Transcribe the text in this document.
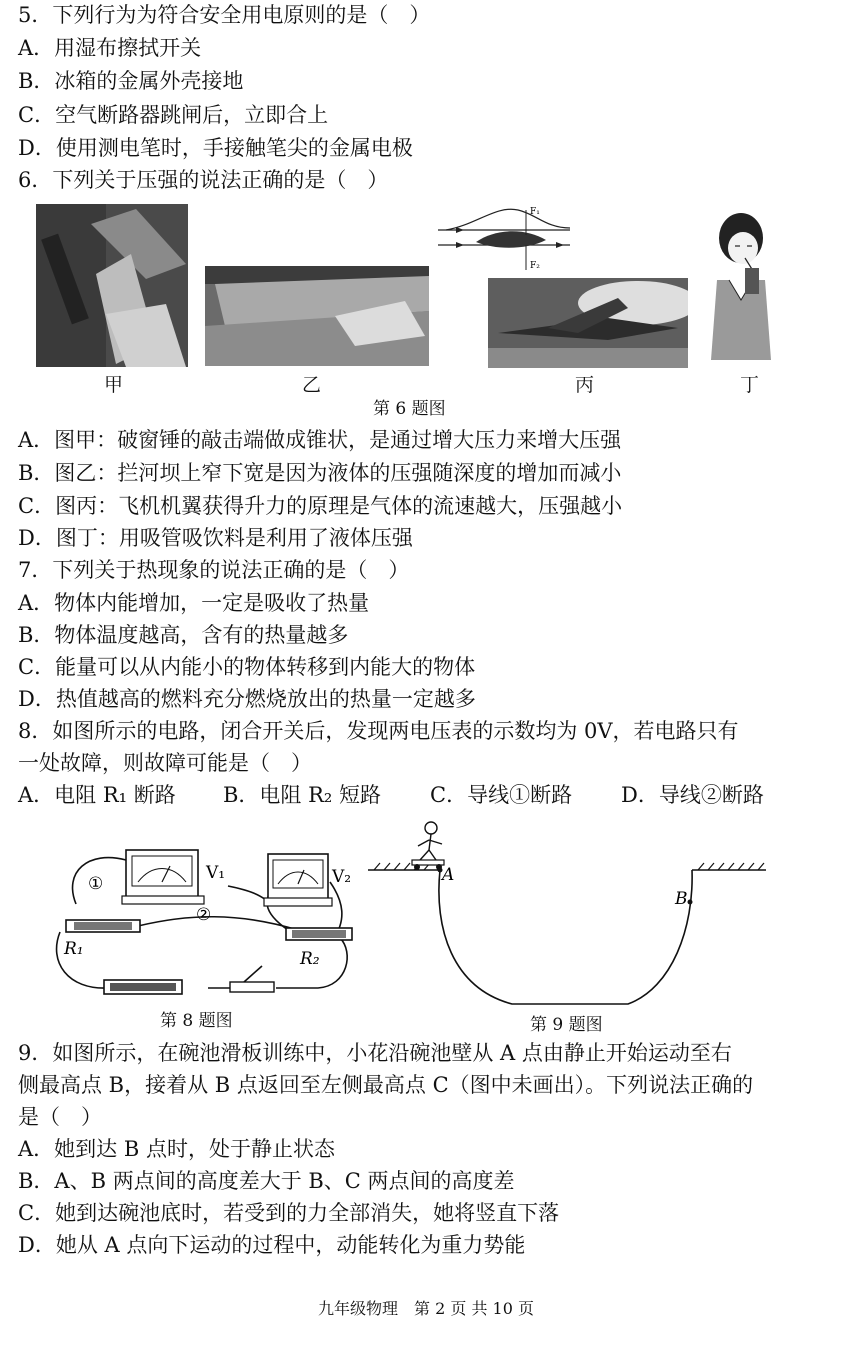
5．下列行为为符合安全用电原则的是（　）
A．用湿布擦拭开关
B．冰箱的金属外壳接地
C．空气断路器跳闸后，立即合上
D．使用测电笔时，手接触笔尖的金属电极
6．下列关于压强的说法正确的是（　）
F₁
F₂
甲	乙	丙	丁
第 6 题图
A．图甲：破窗锤的敲击端做成锥状，是通过增大压力来增大压强
B．图乙：拦河坝上窄下宽是因为液体的压强随深度的增加而减小
C．图丙：飞机机翼获得升力的原理是气体的流速越大，压强越小
D．图丁：用吸管吸饮料是利用了液体压强
7．下列关于热现象的说法正确的是（　）
A．物体内能增加，一定是吸收了热量
B．物体温度越高，含有的热量越多
C．能量可以从内能小的物体转移到内能大的物体
D．热值越高的燃料充分燃烧放出的热量一定越多
8．如图所示的电路，闭合开关后，发现两电压表的示数均为 0V，若电路只有
一处故障，则故障可能是（　）
A．电阻 R₁ 断路 B．电阻 R₂ 短路 C．导线①断路 D．导线②断路
①
②
V₁	V₂
R₁	R₂
第 8 题图
A
B
第 9 题图
9．如图所示，在碗池滑板训练中，小花沿碗池壁从 A 点由静止开始运动至右
侧最高点 B，接着从 B 点返回至左侧最高点 C（图中未画出）。下列说法正确的
是（　）
A．她到达 B 点时，处于静止状态
B．A、B 两点间的高度差大于 B、C 两点间的高度差
C．她到达碗池底时，若受到的力全部消失，她将竖直下落
D．她从 A 点向下运动的过程中，动能转化为重力势能
九年级物理　第 2 页 共 10 页
